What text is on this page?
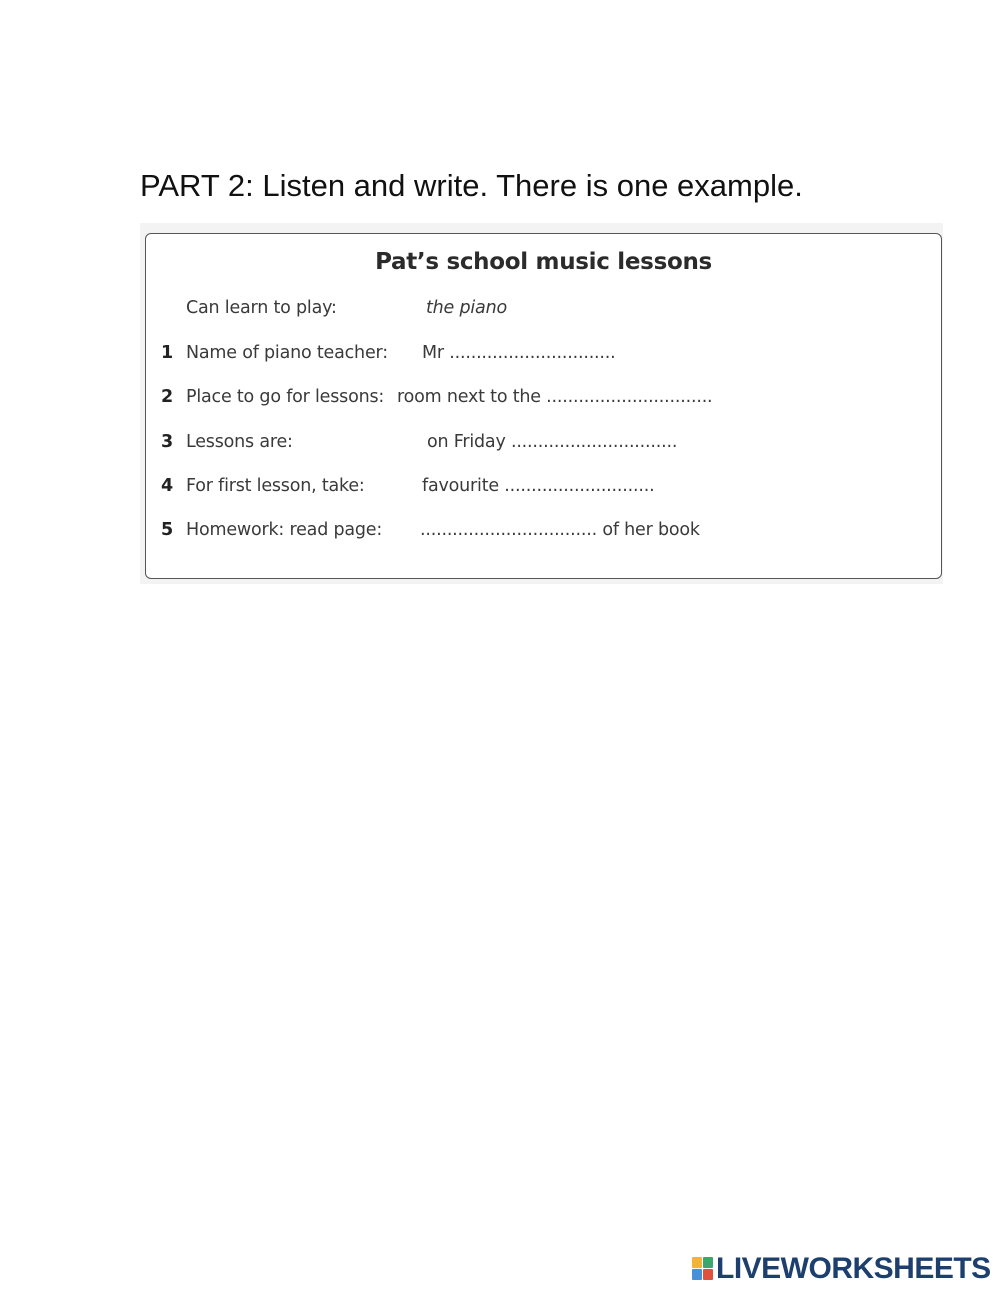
PART 2: Listen and write. There is one example.
Pat’s school music lessons
Can learn to play:	the piano
1 Name of piano teacher: Mr ...............................
2 Place to go for lessons: room next to the ...............................
3 Lessons are:	on Friday ...............................
4 For first lesson, take:	favourite ............................
5 Homework: read page: ................................. of her book
LIVEWORKSHEETS
